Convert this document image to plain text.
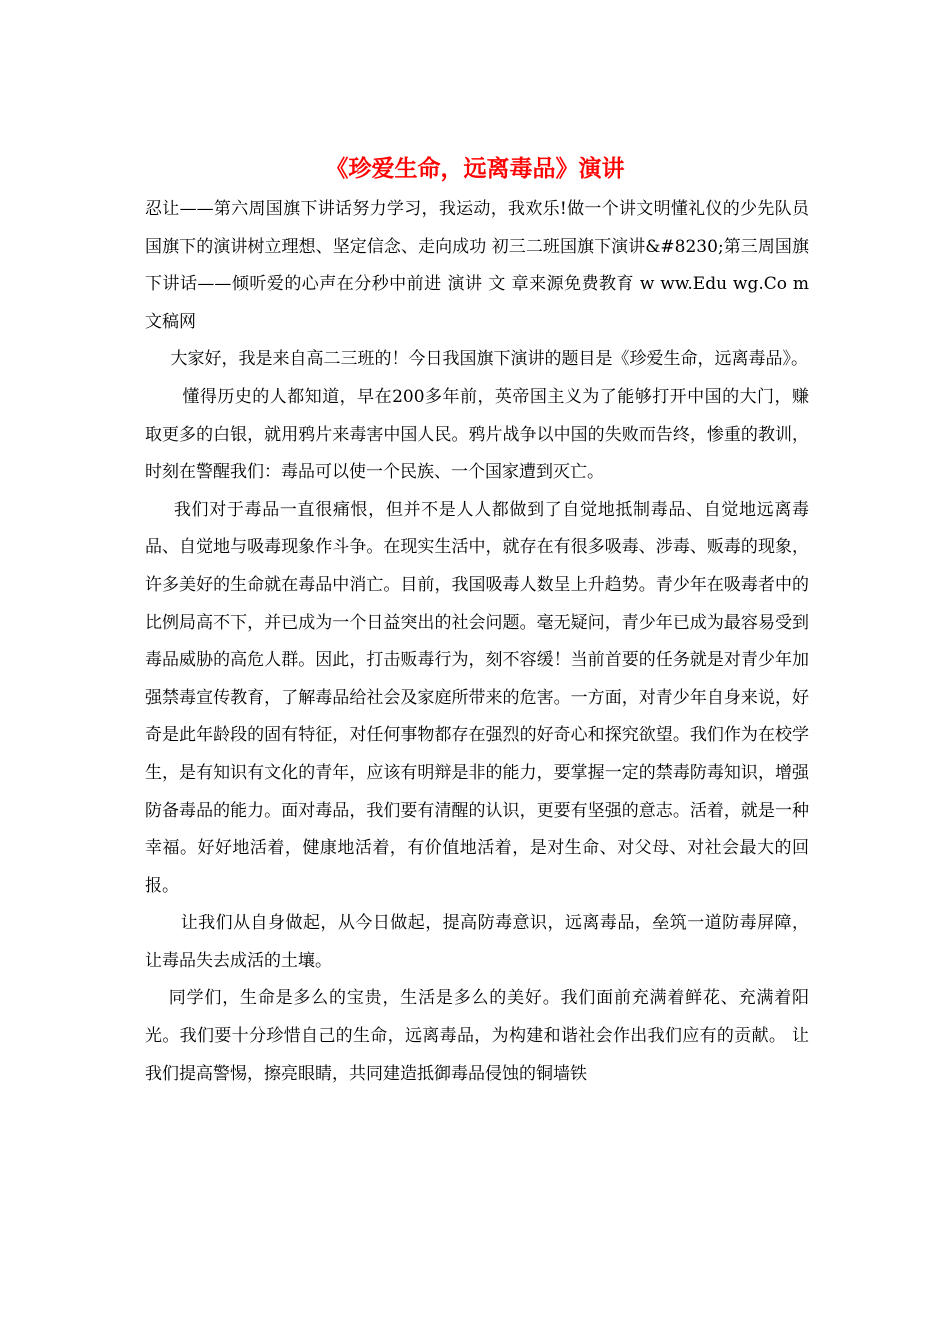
《珍爱生命，远离毒品》演讲

忍让——第六周国旗下讲话努力学习，我运动，我欢乐!做一个讲文明懂礼仪的少先队员 国旗下的演讲树立理想、坚定信念、走向成功 初三二班国旗下演讲&#8230;第三周国旗下讲话——倾听爱的心声在分秒中前进 演讲 文 章来源免费教育 w ww.Edu wg.Co m文稿网

大家好，我是来自高二三班的！今日我国旗下演讲的题目是《珍爱生命，远离毒品》。

懂得历史的人都知道，早在200多年前，英帝国主义为了能够打开中国的大门，赚取更多的白银，就用鸦片来毒害中国人民。鸦片战争以中国的失败而告终，惨重的教训，时刻在警醒我们：毒品可以使一个民族、一个国家遭到灭亡。

我们对于毒品一直很痛恨，但并不是人人都做到了自觉地抵制毒品、自觉地远离毒品、自觉地与吸毒现象作斗争。在现实生活中，就存在有很多吸毒、涉毒、贩毒的现象，许多美好的生命就在毒品中消亡。目前，我国吸毒人数呈上升趋势。青少年在吸毒者中的比例局高不下，并已成为一个日益突出的社会问题。毫无疑问，青少年已成为最容易受到毒品威胁的高危人群。因此，打击贩毒行为，刻不容缓！当前首要的任务就是对青少年加强禁毒宣传教育，了解毒品给社会及家庭所带来的危害。一方面，对青少年自身来说，好奇是此年龄段的固有特征，对任何事物都存在强烈的好奇心和探究欲望。我们作为在校学生，是有知识有文化的青年，应该有明辩是非的能力，要掌握一定的禁毒防毒知识，增强防备毒品的能力。面对毒品，我们要有清醒的认识，更要有坚强的意志。活着，就是一种幸福。好好地活着，健康地活着，有价值地活着，是对生命、对父母、对社会最大的回报。

让我们从自身做起，从今日做起，提高防毒意识，远离毒品，垒筑一道防毒屏障，让毒品失去成活的土壤。

同学们，生命是多么的宝贵，生活是多么的美好。我们面前充满着鲜花、充满着阳光。我们要十分珍惜自己的生命，远离毒品，为构建和谐社会作出我们应有的贡献。 让我们提高警惕，擦亮眼睛，共同建造抵御毒品侵蚀的铜墙铁
